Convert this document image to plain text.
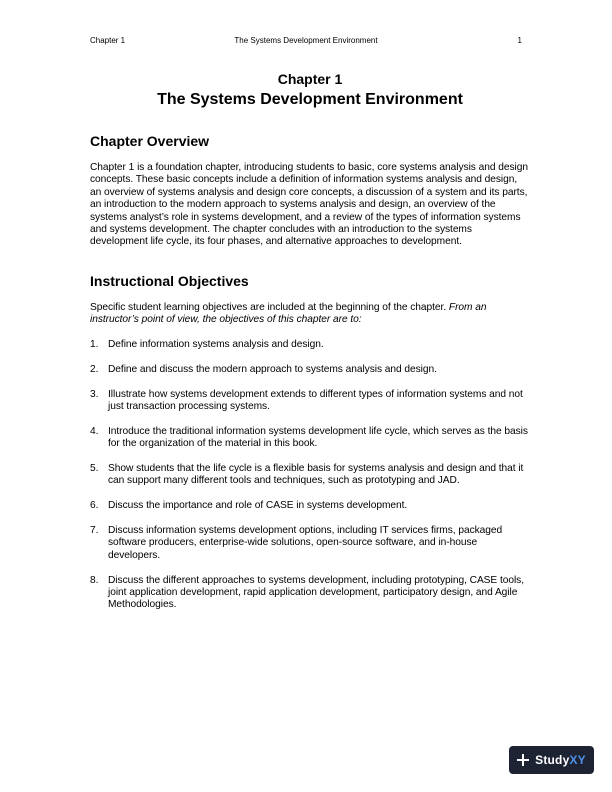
Chapter 1	The Systems Development Environment	1
Chapter 1
The Systems Development Environment
Chapter Overview

Chapter 1 is a foundation chapter, introducing students to basic, core systems analysis and design concepts. These basic concepts include a definition of information systems analysis and design, an overview of systems analysis and design core concepts, a discussion of a system and its parts, an introduction to the modern approach to systems analysis and design, an overview of the systems analyst’s role in systems development, and a review of the types of information systems and systems development. The chapter concludes with an introduction to the systems development life cycle, its four phases, and alternative approaches to development.

Instructional Objectives

Specific student learning objectives are included at the beginning of the chapter. From an instructor’s point of view, the objectives of this chapter are to:

1. Define information systems analysis and design.
2. Define and discuss the modern approach to systems analysis and design.
3. Illustrate how systems development extends to different types of information systems and not just transaction processing systems.
4. Introduce the traditional information systems development life cycle, which serves as the basis for the organization of the material in this book.
5. Show students that the life cycle is a flexible basis for systems analysis and design and that it can support many different tools and techniques, such as prototyping and JAD.
6. Discuss the importance and role of CASE in systems development.
7. Discuss information systems development options, including IT services firms, packaged software producers, enterprise-wide solutions, open-source software, and in-house developers.
8. Discuss the different approaches to systems development, including prototyping, CASE tools, joint application development, rapid application development, participatory design, and Agile Methodologies.
StudyXY
